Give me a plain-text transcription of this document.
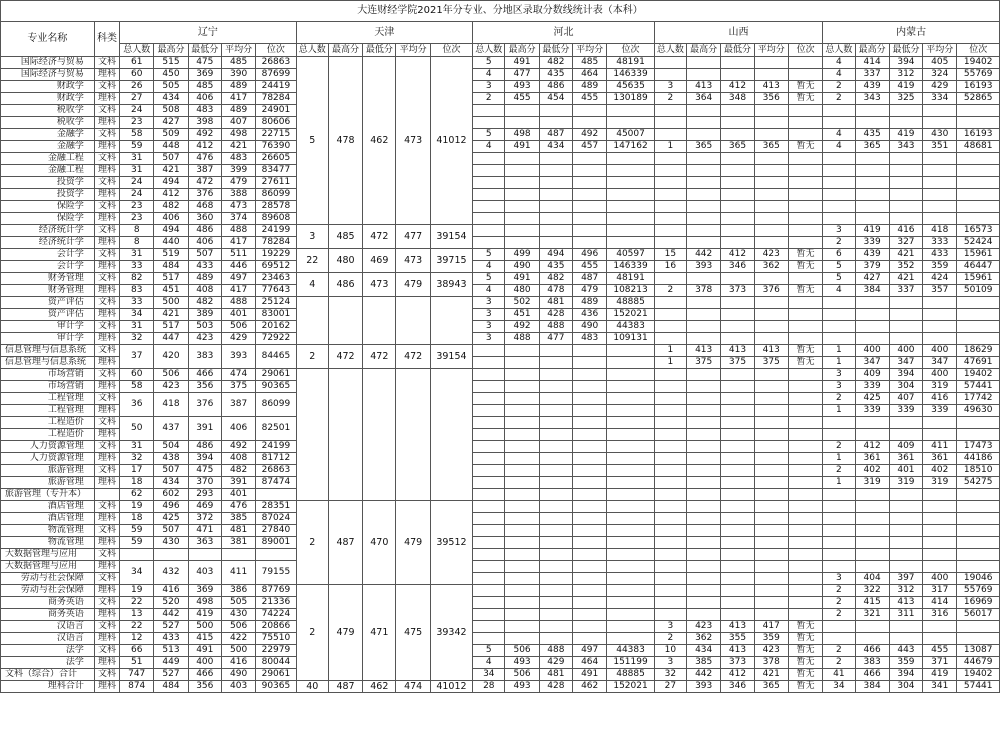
大连财经学院2021年分专业、分地区录取分数线统计表（本科）																										
专业名称	科类	辽宁					天津					河北					山西					内蒙古				
		总人数	最高分	最低分	平均分	位次	总人数	最高分	最低分	平均分	位次	总人数	最高分	最低分	平均分	位次	总人数	最高分	最低分	平均分	位次	总人数	最高分	最低分	平均分	位次
国际经济与贸易	文科	61	515	475	485	26863	5	478	462	473	41012	5	491	482	485	48191						4	414	394	405	19402
国际经济与贸易	理科	60	450	369	390	87699						4	477	435	464	146339						4	337	312	324	55769
财政学	文科	26	505	485	489	24419						3	493	486	489	45635	3	413	412	413	暂无	2	439	419	429	16193
财政学	理科	27	434	406	417	78284						2	455	454	455	130189	2	364	348	356	暂无	2	343	325	334	52865
税收学	文科	24	508	483	489	24901																				
税收学	理科	23	427	398	407	80606																				
金融学	文科	58	509	492	498	22715						5	498	487	492	45007						4	435	419	430	16193
金融学	理科	59	448	412	421	76390						4	491	434	457	147162	1	365	365	365	暂无	4	365	343	351	48681
金融工程	文科	31	507	476	483	26605																				
金融工程	理科	31	421	387	399	83477																				
投资学	文科	24	494	472	479	27611																				
投资学	理科	24	412	376	388	86099																				
保险学	文科	23	482	468	473	28578																				
保险学	理科	23	406	360	374	89608																				
经济统计学	文科	8	494	486	488	24199	3	485	472	477	39154											3	419	416	418	16573
经济统计学	理科	8	440	406	417	78284																2	339	327	333	52424
会计学	文科	31	519	507	511	19229	22	480	469	473	39715	5	499	494	496	40597	15	442	412	423	暂无	6	439	421	433	15961
会计学	理科	33	484	433	446	69512						4	490	435	455	146339	16	393	346	362	暂无	5	379	352	359	46447
财务管理	文科	82	517	489	497	23463	4	486	473	479	38943	5	491	482	487	48191						5	427	421	424	15961
财务管理	理科	83	451	408	417	77643						4	480	478	479	108213	2	378	373	376	暂无	4	384	337	357	50109
资产评估	文科	33	500	482	488	25124						3	502	481	489	48885										
资产评估	理科	34	421	389	401	83001						3	451	428	436	152021										
审计学	文科	31	517	503	506	20162						3	492	488	490	44383										
审计学	理科	32	447	423	429	72922						3	488	477	483	109131										
信息管理与信息系统	文科	37	420	383	393	84465	2	472	472	472	39154						1	413	413	413	暂无	1	400	400	400	18629
信息管理与信息系统	理科																1	375	375	375	暂无	1	347	347	347	47691
市场营销	文科	60	506	466	474	29061																3	409	394	400	19402
市场营销	理科	58	423	356	375	90365																3	339	304	319	57441
工程管理	文科	36	418	376	387	86099																2	425	407	416	17742
工程管理	理科																					1	339	339	339	49630
工程造价	文科	50	437	391	406	82501																				
工程造价	理科																									
人力资源管理	文科	31	504	486	492	24199																2	412	409	411	17473
人力资源管理	理科	32	438	394	408	81712																1	361	361	361	44186
旅游管理	文科	17	507	475	482	26863																2	402	401	402	18510
旅游管理	理科	18	434	370	391	87474																1	319	319	319	54275
旅游管理（专升本）		62	602	293	401																					
酒店管理	文科	19	496	469	476	28351	2	487	470	479	39512															
酒店管理	理科	18	425	372	385	87024																				
物流管理	文科	59	507	471	481	27840																				
物流管理	理科	59	430	363	381	89001																				
大数据管理与应用	文科																									
大数据管理与应用	理科	34	432	403	411	79155																				
劳动与社会保障	文科																					3	404	397	400	19046
劳动与社会保障	理科	19	416	369	386	87769	2	479	471	475	39342											2	322	312	317	55769
商务英语	文科	22	520	498	505	21336																2	415	413	414	16969
商务英语	理科	13	442	419	430	74224																2	321	311	316	56017
汉语言	文科	22	527	500	506	20866											3	423	413	417	暂无					
汉语言	理科	12	433	415	422	75510											2	362	355	359	暂无					
法学	文科	66	513	491	500	22979						5	506	488	497	44383	10	434	413	423	暂无	2	466	443	455	13087
法学	理科	51	449	400	416	80044						4	493	429	464	151199	3	385	373	378	暂无	2	383	359	371	44679
文科（综合）合计	文科	747	527	466	490	29061						34	506	481	491	48885	32	442	412	421	暂无	41	466	394	419	19402
理科合计	理科	874	484	356	403	90365	40	487	462	474	41012	28	493	428	462	152021	27	393	346	365	暂无	34	384	304	341	57441
